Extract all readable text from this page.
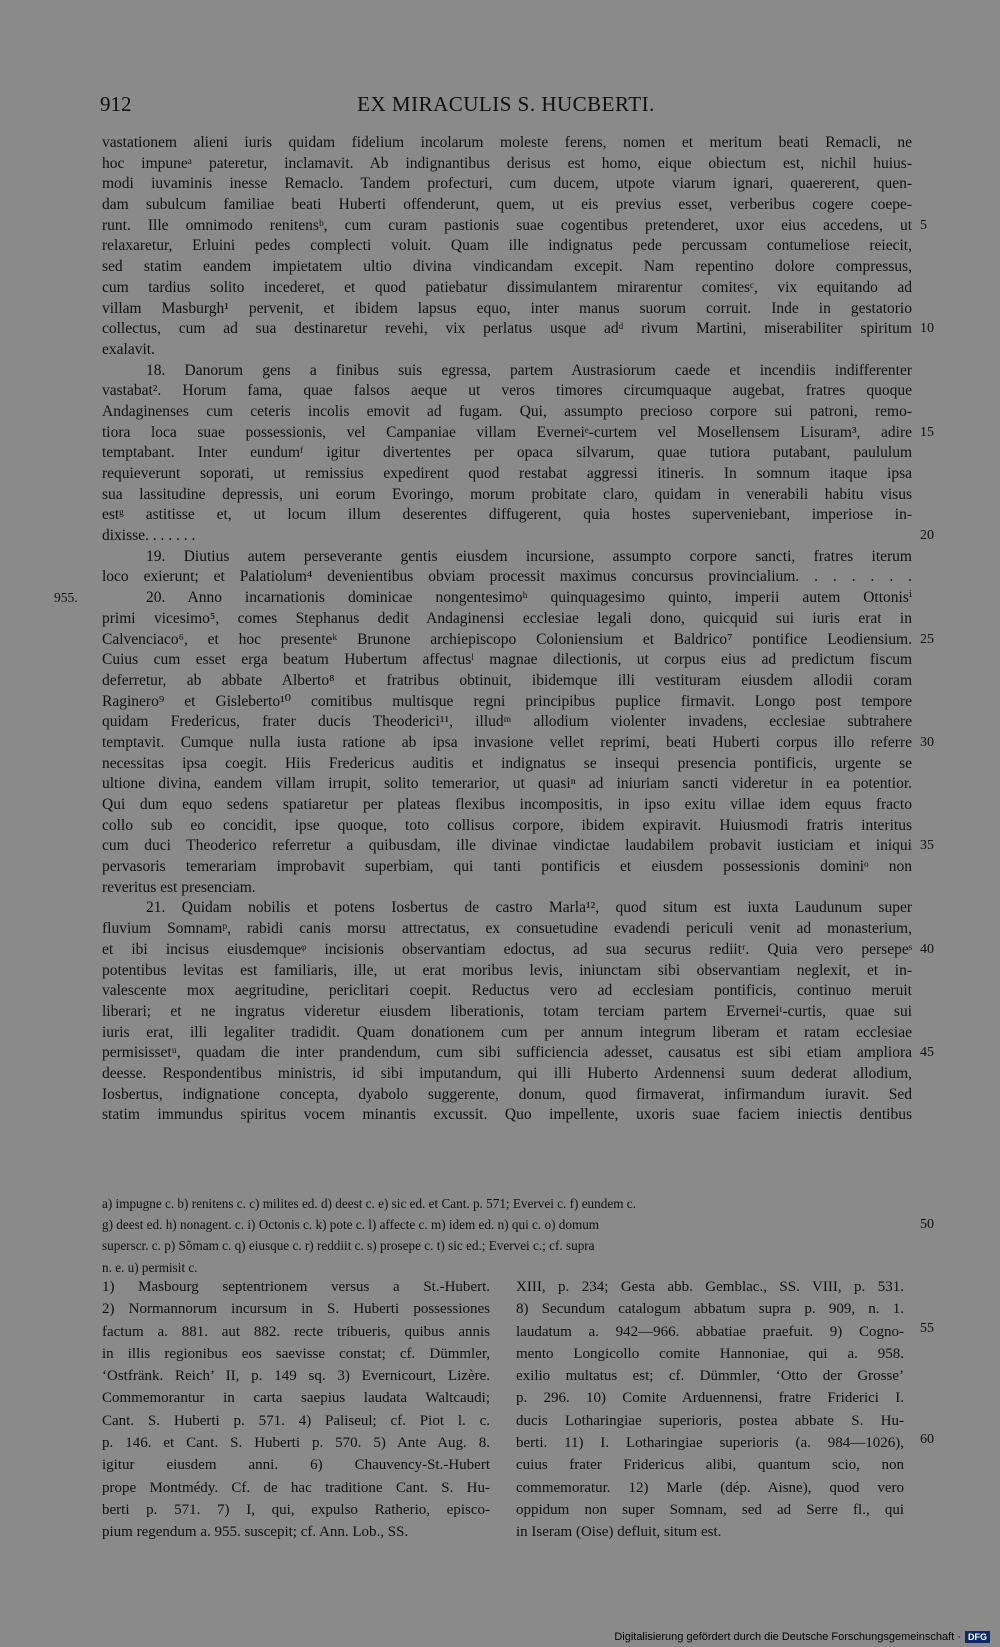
912	EX MIRACULIS S. HUCBERTI.
vastationem alieni iuris quidam fidelium incolarum moleste ferens, nomen et meritum beati Remacli, ne
hoc impuneᵃ pateretur, inclamavit. Ab indignantibus derisus est homo, eique obiectum est, nichil huius-
modi iuvaminis inesse Remaclo. Tandem profecturi, cum ducem, utpote viarum ignari, quaererent, quen-
dam subulcum familiae beati Huberti offenderunt, quem, ut eis previus esset, verberibus cogere coepe-
runt. Ille omnimodo renitensᵇ, cum curam pastionis suae cogentibus pretenderet, uxor eius accedens, ut 5
relaxaretur, Erluini pedes complecti voluit. Quam ille indignatus pede percussam contumeliose reiecit,
sed statim eandem impietatem ultio divina vindicandam excepit. Nam repentino dolore compressus,
cum tardius solito incederet, et quod patiebatur dissimulantem mirarentur comitesᶜ, vix equitando ad
villam Masburgh¹ pervenit, et ibidem lapsus equo, inter manus suorum corruit. Inde in gestatorio
collectus, cum ad sua destinaretur revehi, vix perlatus usque adᵈ rivum Martini, miserabiliter spiritum 10
exalavit.
18. Danorum gens a finibus suis egressa, partem Austrasiorum caede et incendiis indifferenter
vastabat². Horum fama, quae falsos aeque ut veros timores circumquaque augebat, fratres quoque
Andaginenses cum ceteris incolis emovit ad fugam. Qui, assumpto precioso corpore sui patroni, remo-
tiora loca suae possessionis, vel Campaniae villam Everneiᵉ-curtem vel Mosellensem Lisuram³, adire 15
temptabant. Inter eundumᶠ igitur divertentes per opaca silvarum, quae tutiora putabant, paululum
requieverunt soporati, ut remissius expedirent quod restabat aggressi itineris. In somnum itaque ipsa
sua lassitudine depressis, uni eorum Evoringo, morum probitate claro, quidam in venerabili habitu visus
estᵍ astitisse et, ut locum illum deserentes diffugerent, quia hostes superveniebant, imperiose in-
dixisse. . . . . . .	20
19. Diutius autem perseverante gentis eiusdem incursione, assumpto corpore sancti, fratres iterum
loco exierunt; et Palatiolum⁴ devenientibus obviam processit maximus concursus provincialium. . . . . . .
20. Anno incarnationis dominicae nongentesimoʰ quinquagesimo quinto, imperii autem Ottonisⁱ
955.
primi vicesimo⁵, comes Stephanus dedit Andaginensi ecclesiae legali dono, quicquid sui iuris erat in
Calvenciaco⁶, et hoc presenteᵏ Brunone archiepiscopo Coloniensium et Baldrico⁷ pontifice Leodiensium. 25
Cuius cum esset erga beatum Hubertum affectusˡ magnae dilectionis, ut corpus eius ad predictum fiscum
deferretur, ab abbate Alberto⁸ et fratribus obtinuit, ibidemque illi vestituram eiusdem allodii coram
Raginero⁹ et Gisleberto¹⁰ comitibus multisque regni principibus puplice firmavit. Longo post tempore
quidam Fredericus, frater ducis Theoderici¹¹, illudᵐ allodium violenter invadens, ecclesiae subtrahere
temptavit. Cumque nulla iusta ratione ab ipsa invasione vellet reprimi, beati Huberti corpus illo referre 30
necessitas ipsa coegit. Hiis Fredericus auditis et indignatus se insequi presencia pontificis, urgente se
ultione divina, eandem villam irrupit, solito temerarior, ut quasiⁿ ad iniuriam sancti videretur in ea potentior.
Qui dum equo sedens spatiaretur per plateas flexibus incompositis, in ipso exitu villae idem equus fracto
collo sub eo concidit, ipse quoque, toto collisus corpore, ibidem expiravit. Huiusmodi fratris interitus
cum duci Theoderico referretur a quibusdam, ille divinae vindictae laudabilem probavit iusticiam et iniqui 35
pervasoris temerariam improbavit superbiam, qui tanti pontificis et eiusdem possessionis dominiᵒ non
reveritus est presenciam.
21. Quidam nobilis et potens Iosbertus de castro Marla¹², quod situm est iuxta Laudunum super
fluvium Somnamᵖ, rabidi canis morsu attrectatus, ex consuetudine evadendi periculi venit ad monasterium,
et ibi incisus eiusdemqueᵠ incisionis observantiam edoctus, ad sua securus rediitʳ. Quia vero persepeˢ 40
potentibus levitas est familiaris, ille, ut erat moribus levis, iniunctam sibi observantiam neglexit, et in-
valescente mox aegritudine, periclitari coepit. Reductus vero ad ecclesiam pontificis, continuo meruit
liberari; et ne ingratus videretur eiusdem liberationis, totam terciam partem Erverneiᵗ-curtis, quae sui
iuris erat, illi legaliter tradidit. Quam donationem cum per annum integrum liberam et ratam ecclesiae
permisissetᵘ, quadam die inter prandendum, cum sibi sufficiencia adesset, causatus est sibi etiam ampliora 45
deesse. Respondentibus ministris, id sibi imputandum, qui illi Huberto Ardennensi suum dederat allodium,
Iosbertus, indignatione concepta, dyabolo suggerente, donum, quod firmaverat, infirmandum iuravit. Sed
statim immundus spiritus vocem minantis excussit. Quo impellente, uxoris suae faciem iniectis dentibus
a) impugne c. b) renitens c. c) milites ed. d) deest c. e) sic ed. et Cant. p. 571; Evervei c. f) eundem c.
g) deest ed. h) nonagent. c. i) Octonis c. k) pote c. l) affecte c. m) idem ed. n) qui c. o) domum	50
superscr. c. p) Sõmam c. q) eiusque c. r) reddiit c. s) prosepe c. t) sic ed.; Evervei c.; cf. supra
n. e. u) permisit c.
1) Masbourg septentrionem versus a St.-Hubert.
2) Normannorum incursum in S. Huberti possessiones
factum a. 881. aut 882. recte tribueris, quibus annis
in illis regionibus eos saevisse constat; cf. Dümmler,
‘Ostfränk. Reich’ II, p. 149 sq. 3) Evernicourt, Lizère.
Commemorantur in carta saepius laudata Waltcaudi;
Cant. S. Huberti p. 571. 4) Paliseul; cf. Piot l. c.
p. 146. et Cant. S. Huberti p. 570. 5) Ante Aug. 8.
igitur eiusdem anni. 6) Chauvency-St.-Hubert
prope Montmédy. Cf. de hac traditione Cant. S. Hu-
berti p. 571. 7) I, qui, expulso Ratherio, episco-
pium regendum a. 955. suscepit; cf. Ann. Lob., SS.
XIII, p. 234; Gesta abb. Gemblac., SS. VIII, p. 531.
8) Secundum catalogum abbatum supra p. 909, n. 1.
laudatum a. 942—966. abbatiae praefuit. 9) Cogno-
mento Longicollo comite Hannoniae, qui a. 958.
exilio multatus est; cf. Dümmler, ‘Otto der Grosse’
p. 296. 10) Comite Arduennensi, fratre Friderici I.
ducis Lotharingiae superioris, postea abbate S. Hu-
berti. 11) I. Lotharingiae superioris (a. 984—1026),
cuius frater Fridericus alibi, quantum scio, non
commemoratur. 12) Marle (dép. Aisne), quod vero
oppidum non super Somnam, sed ad Serre fl., qui
in Iseram (Oise) defluit, situm est.
55
60
Digitalisierung gefördert durch die Deutsche Forschungsgemeinschaft · DFG
